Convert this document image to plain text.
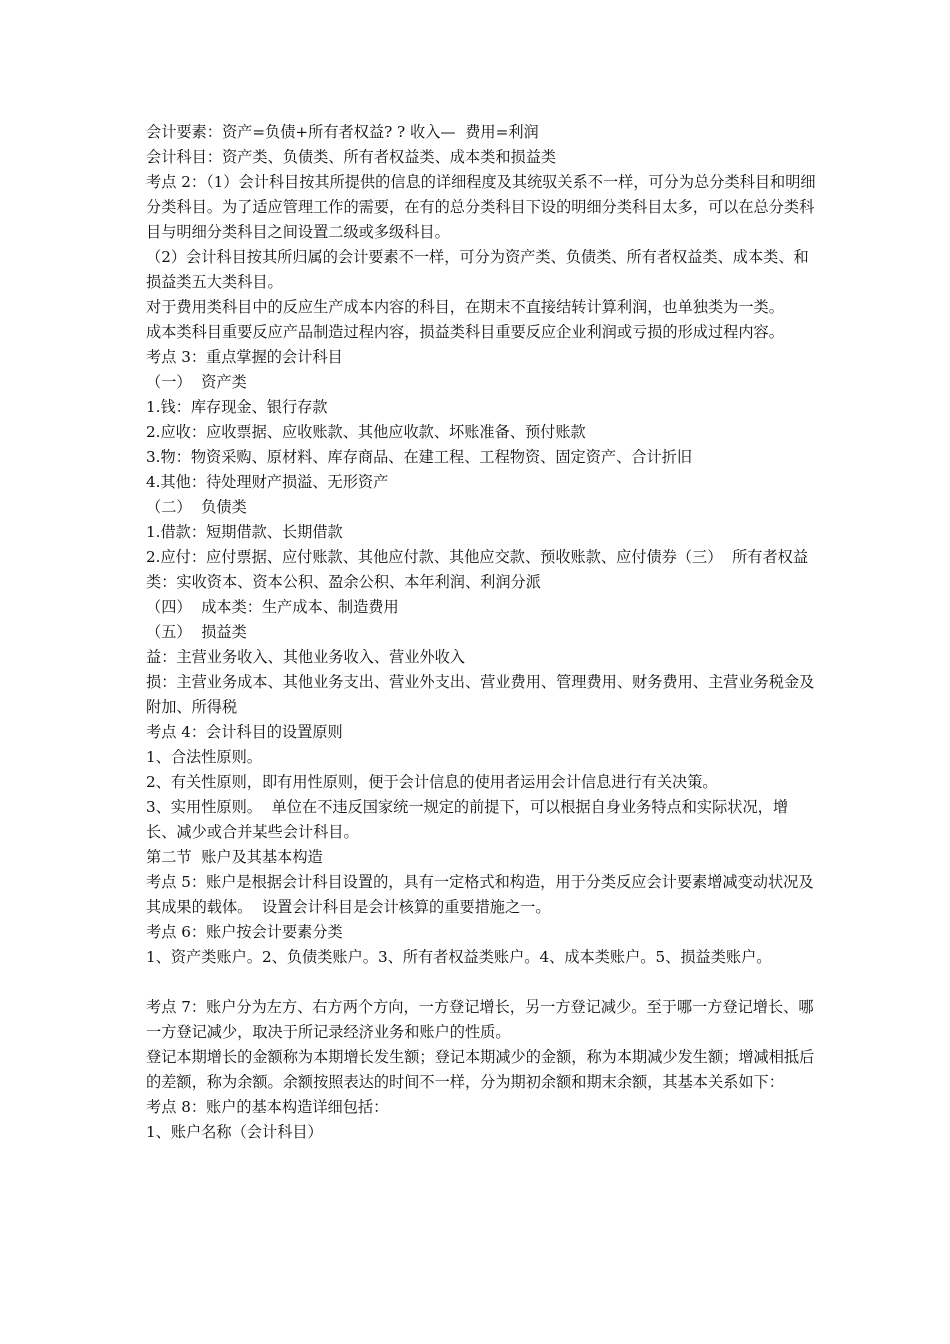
会计要素：资产=负债+所有者权益? ? 收入—  费用=利润

会计科目：资产类、负债类、所有者权益类、成本类和损益类

考点 2：（1）会计科目按其所提供的信息的详细程度及其统驭关系不一样，可分为总分类科目和明细分类科目。为了适应管理工作的需要，在有的总分类科目下设的明细分类科目太多，可以在总分类科目与明细分类科目之间设置二级或多级科目。

（2）会计科目按其所归属的会计要素不一样，可分为资产类、负债类、所有者权益类、成本类、和损益类五大类科目。

对于费用类科目中的反应生产成本内容的科目，在期末不直接结转计算利润，也单独类为一类。

成本类科目重要反应产品制造过程内容，损益类科目重要反应企业利润或亏损的形成过程内容。

考点 3：重点掌握的会计科目

（一）  资产类

1.钱：库存现金、银行存款

2.应收：应收票据、应收账款、其他应收款、坏账准备、预付账款

3.物：物资采购、原材料、库存商品、在建工程、工程物资、固定资产、合计折旧

4.其他：待处理财产损溢、无形资产

（二）  负债类

1.借款：短期借款、长期借款

2.应付：应付票据、应付账款、其他应付款、其他应交款、预收账款、应付债券（三）  所有者权益类：实收资本、资本公积、盈余公积、本年利润、利润分派

（四）  成本类：生产成本、制造费用

（五）  损益类

益：主营业务收入、其他业务收入、营业外收入

损：主营业务成本、其他业务支出、营业外支出、营业费用、管理费用、财务费用、主营业务税金及附加、所得税

考点 4：会计科目的设置原则

1、合法性原则。

2、有关性原则，即有用性原则，便于会计信息的使用者运用会计信息进行有关决策。

3、实用性原则。  单位在不违反国家统一规定的前提下，可以根据自身业务特点和实际状况，增长、减少或合并某些会计科目。

第二节  账户及其基本构造

考点 5：账户是根据会计科目设置的，具有一定格式和构造，用于分类反应会计要素增减变动状况及其成果的载体。  设置会计科目是会计核算的重要措施之一。

考点 6：账户按会计要素分类

1、资产类账户。2、负债类账户。3、所有者权益类账户。4、成本类账户。5、损益类账户。

考点 7：账户分为左方、右方两个方向，一方登记增长，另一方登记减少。至于哪一方登记增长、哪一方登记减少，取决于所记录经济业务和账户的性质。

登记本期增长的金额称为本期增长发生额；登记本期减少的金额，称为本期减少发生额；增减相抵后的差额，称为余额。余额按照表达的时间不一样，分为期初余额和期末余额，其基本关系如下：

考点 8：账户的基本构造详细包括：

1、账户名称（会计科目）
